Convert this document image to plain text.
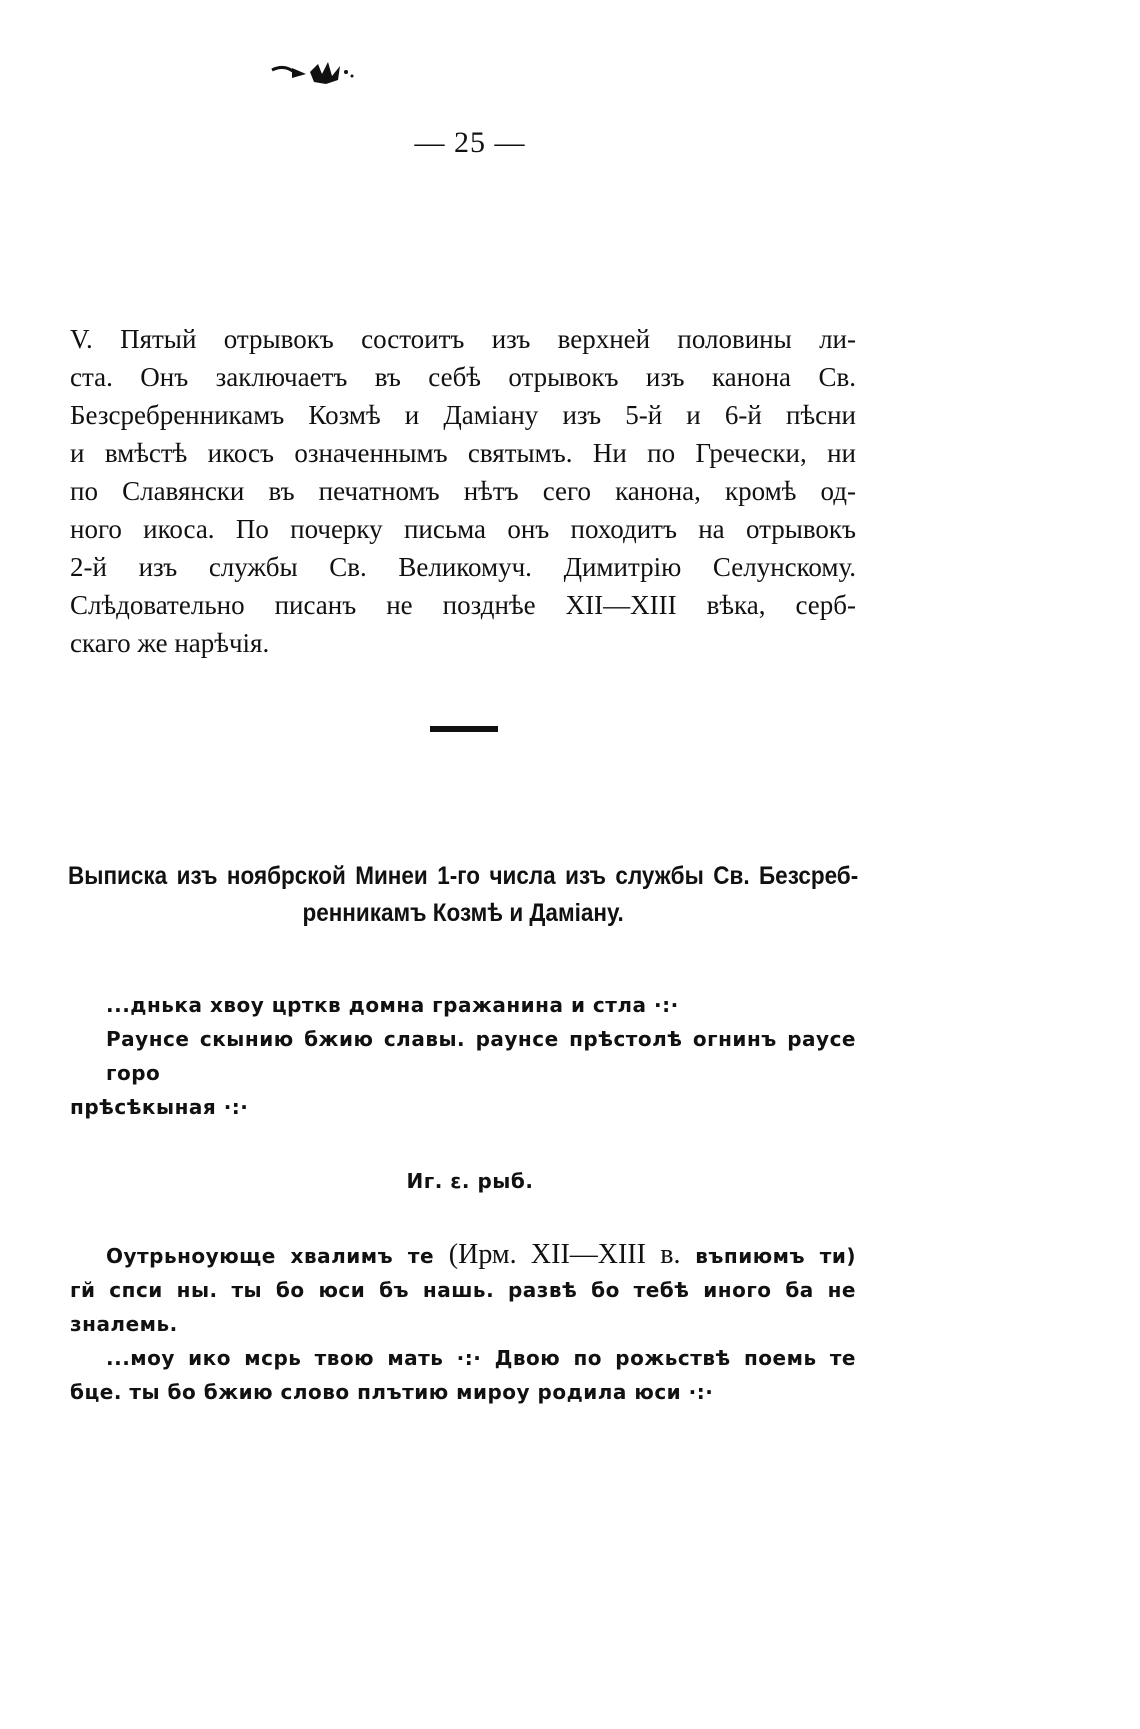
— 25 —
V. Пятый отрывокъ состоитъ изъ верхней половины ли-
ста. Онъ заключаетъ въ себѣ отрывокъ изъ канона Св.
Безсребренникамъ Козмѣ и Даміану изъ 5-й и 6-й пѣсни
и вмѣстѣ икосъ означеннымъ святымъ. Ни по Гречески, ни
по Славянски въ печатномъ нѣтъ сего канона, кромѣ од-
ного икоса. По почерку письма онъ походитъ на отрывокъ
2-й изъ службы Св. Великомуч. Димитрію Селунскому.
Слѣдовательно писанъ не позднѣе XII—XIII вѣка, серб-
скаго же нарѣчія.
Выписка изъ ноябрской Минеи 1-го числа изъ службы Св. Безсреб-
ренникамъ Козмѣ и Даміану.
...днька хвоу црткв домна гражанина и стла ·:·
Раунсе скынию бжию славы. раунсе прѣстолѣ огнинъ раусе горо
прѣсѣкыная ·:·
Иг. ε. рыб.
Оутрьноующе хвалимъ те (Ирм. XII—XIII в. въпиюмъ ти)
гй спси ны. ты бо юси бъ нашь. развѣ бо тебѣ иного ба не
зналемь.
...моу ико мсрь твою мать ·:· Двою по рожьствѣ поемь те
бце. ты бо бжию слово плътию мироу родила юси ·:·
